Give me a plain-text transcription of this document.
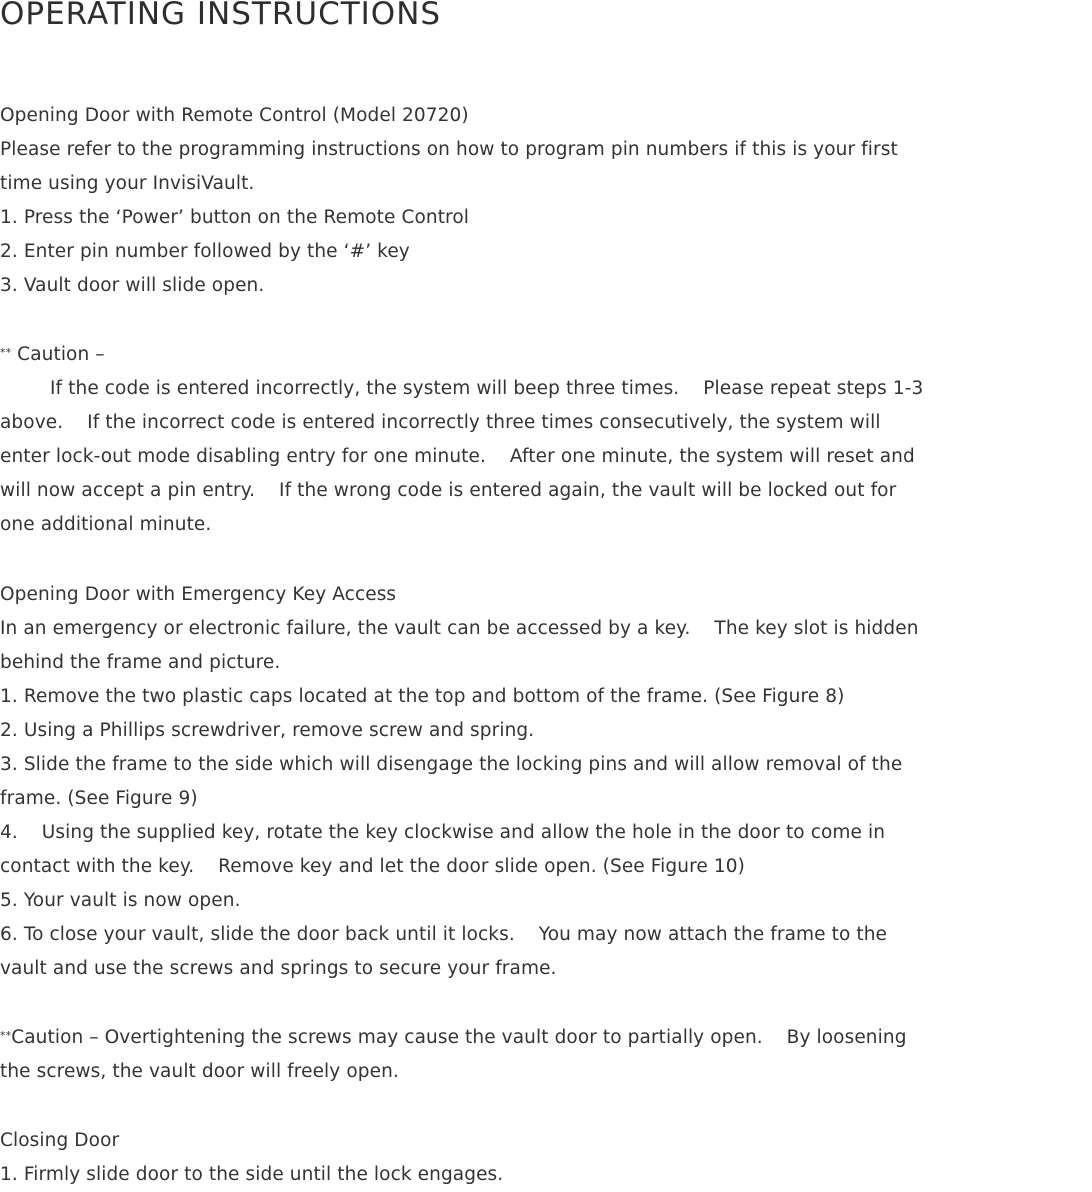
OPERATING INSTRUCTIONS
Opening Door with Remote Control (Model 20720)
Please refer to the programming instructions on how to program pin numbers if this is your first
time using your InvisiVault.
1. Press the ‘Power’ button on the Remote Control
2. Enter pin number followed by the ‘#’ key
3. Vault door will slide open.
** Caution –
If the code is entered incorrectly, the system will beep three times.    Please repeat steps 1-3
above.    If the incorrect code is entered incorrectly three times consecutively, the system will
enter lock-out mode disabling entry for one minute.    After one minute, the system will reset and
will now accept a pin entry.    If the wrong code is entered again, the vault will be locked out for
one additional minute.
Opening Door with Emergency Key Access
In an emergency or electronic failure, the vault can be accessed by a key.    The key slot is hidden
behind the frame and picture.
1. Remove the two plastic caps located at the top and bottom of the frame. (See Figure 8)
2. Using a Phillips screwdriver, remove screw and spring.
3. Slide the frame to the side which will disengage the locking pins and will allow removal of the
frame. (See Figure 9)
4.    Using the supplied key, rotate the key clockwise and allow the hole in the door to come in
contact with the key.    Remove key and let the door slide open. (See Figure 10)
5. Your vault is now open.
6. To close your vault, slide the door back until it locks.    You may now attach the frame to the
vault and use the screws and springs to secure your frame.
**Caution – Overtightening the screws may cause the vault door to partially open.    By loosening
the screws, the vault door will freely open.
Closing Door
1. Firmly slide door to the side until the lock engages.
